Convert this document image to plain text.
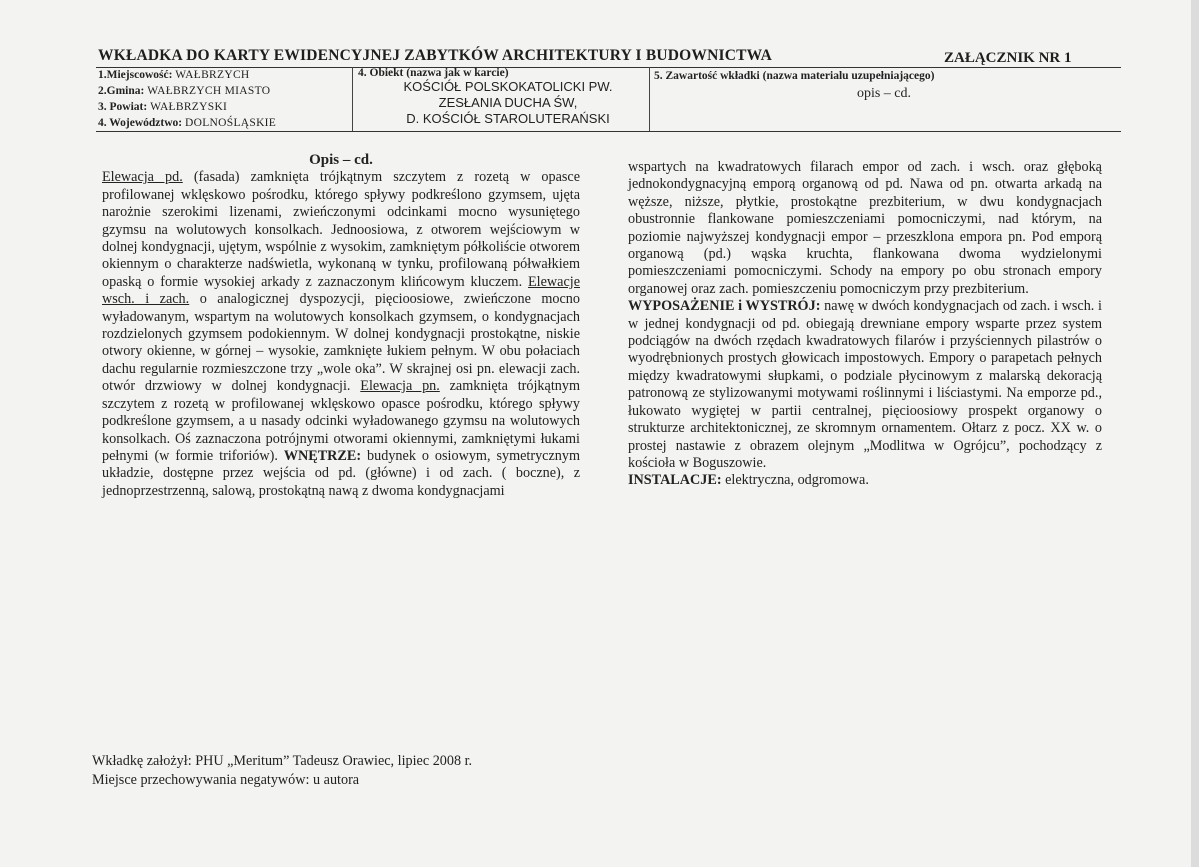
WKŁADKA DO KARTY EWIDENCYJNEJ ZABYTKÓW ARCHITEKTURY I BUDOWNICTWA	ZAŁĄCZNIK NR 1
1.Miejscowość: WAŁBRZYCH
2.Gmina: WAŁBRZYCH MIASTO
3. Powiat: WAŁBRZYSKI
4. Województwo: DOLNOŚLĄSKIE
4. Obiekt (nazwa jak w karcie)
KOŚCIÓŁ POLSKOKATOLICKI PW.
ZESŁANIA DUCHA ŚW,
D. KOŚCIÓŁ STAROLUTERAŃSKI
5. Zawartość wkładki (nazwa materialu uzupełniającego)
opis – cd.
Opis – cd.
Elewacja pd. (fasada) zamknięta trójkątnym szczytem z rozetą w opasce profilowanej wklęskowo pośrodku, którego spływy podkreślono gzymsem, ujęta narożnie szerokimi lizenami, zwieńczonymi odcinkami mocno wysuniętego gzymsu na wolutowych konsolkach. Jednoosiowa, z otworem wejściowym w dolnej kondygnacji, ujętym, wspólnie z wysokim, zamkniętym półkoliście otworem okiennym o charakterze nadświetla, wykonaną w tynku, profilowaną półwałkiem opaską o formie wysokiej arkady z zaznaczonym klińcowym kluczem. Elewacje wsch. i zach. o analogicznej dyspozycji, pięcioosiowe, zwieńczone mocno wyładowanym, wspartym na wolutowych konsolkach gzymsem, o kondygnacjach rozdzielonych gzymsem podokiennym. W dolnej kondygnacji prostokątne, niskie otwory okienne, w górnej – wysokie, zamknięte łukiem pełnym. W obu połaciach dachu regularnie rozmieszczone trzy „wole oka”. W skrajnej osi pn. elewacji zach. otwór drzwiowy w dolnej kondygnacji. Elewacja pn. zamknięta trójkątnym szczytem z rozetą w profilowanej wklęskowo opasce pośrodku, którego spływy podkreślone gzymsem, a u nasady odcinki wyładowanego gzymsu na wolutowych konsolkach. Oś zaznaczona potrójnymi otworami okiennymi, zamkniętymi łukami pełnymi (w formie triforiów). WNĘTRZE: budynek o osiowym, symetrycznym układzie, dostępne przez wejścia od pd. (główne) i od zach. ( boczne), z jednoprzestrzenną, salową, prostokątną nawą z dwoma kondygnacjami
wspartych na kwadratowych filarach empor od zach. i wsch. oraz głęboką jednokondygnacyjną emporą organową od pd. Nawa od pn. otwarta arkadą na węższe, niższe, płytkie, prostokątne prezbiterium, w dwu kondygnacjach obustronnie flankowane pomieszczeniami pomocniczymi, nad którym, na poziomie najwyższej kondygnacji empor – przeszklona empora pn. Pod emporą organową (pd.) wąska kruchta, flankowana dwoma wydzielonymi pomieszczeniami pomocniczymi. Schody na empory po obu stronach empory organowej oraz zach. pomieszczeniu pomocniczym przy prezbiterium.
WYPOSAŻENIE i WYSTRÓJ: nawę w dwóch kondygnacjach od zach. i wsch. i w jednej kondygnacji od pd. obiegają drewniane empory wsparte przez system podciągów na dwóch rzędach kwadratowych filarów i przyściennych pilastrów o wyodrębnionych prostych głowicach impostowych. Empory o parapetach pełnych między kwadratowymi słupkami, o podziale płycinowym z malarską dekoracją patronową ze stylizowanymi motywami roślinnymi i liściastymi. Na emporze pd., łukowato wygiętej w partii centralnej, pięcioosiowy prospekt organowy o strukturze architektonicznej, ze skromnym ornamentem. Ołtarz z pocz. XX w. o prostej nastawie z obrazem olejnym „Modlitwa w Ogrójcu”, pochodzący z kościoła w Boguszowie.
INSTALACJE: elektryczna, odgromowa.
Wkładkę założył: PHU „Meritum” Tadeusz Orawiec, lipiec 2008 r.
Miejsce przechowywania negatywów: u autora
